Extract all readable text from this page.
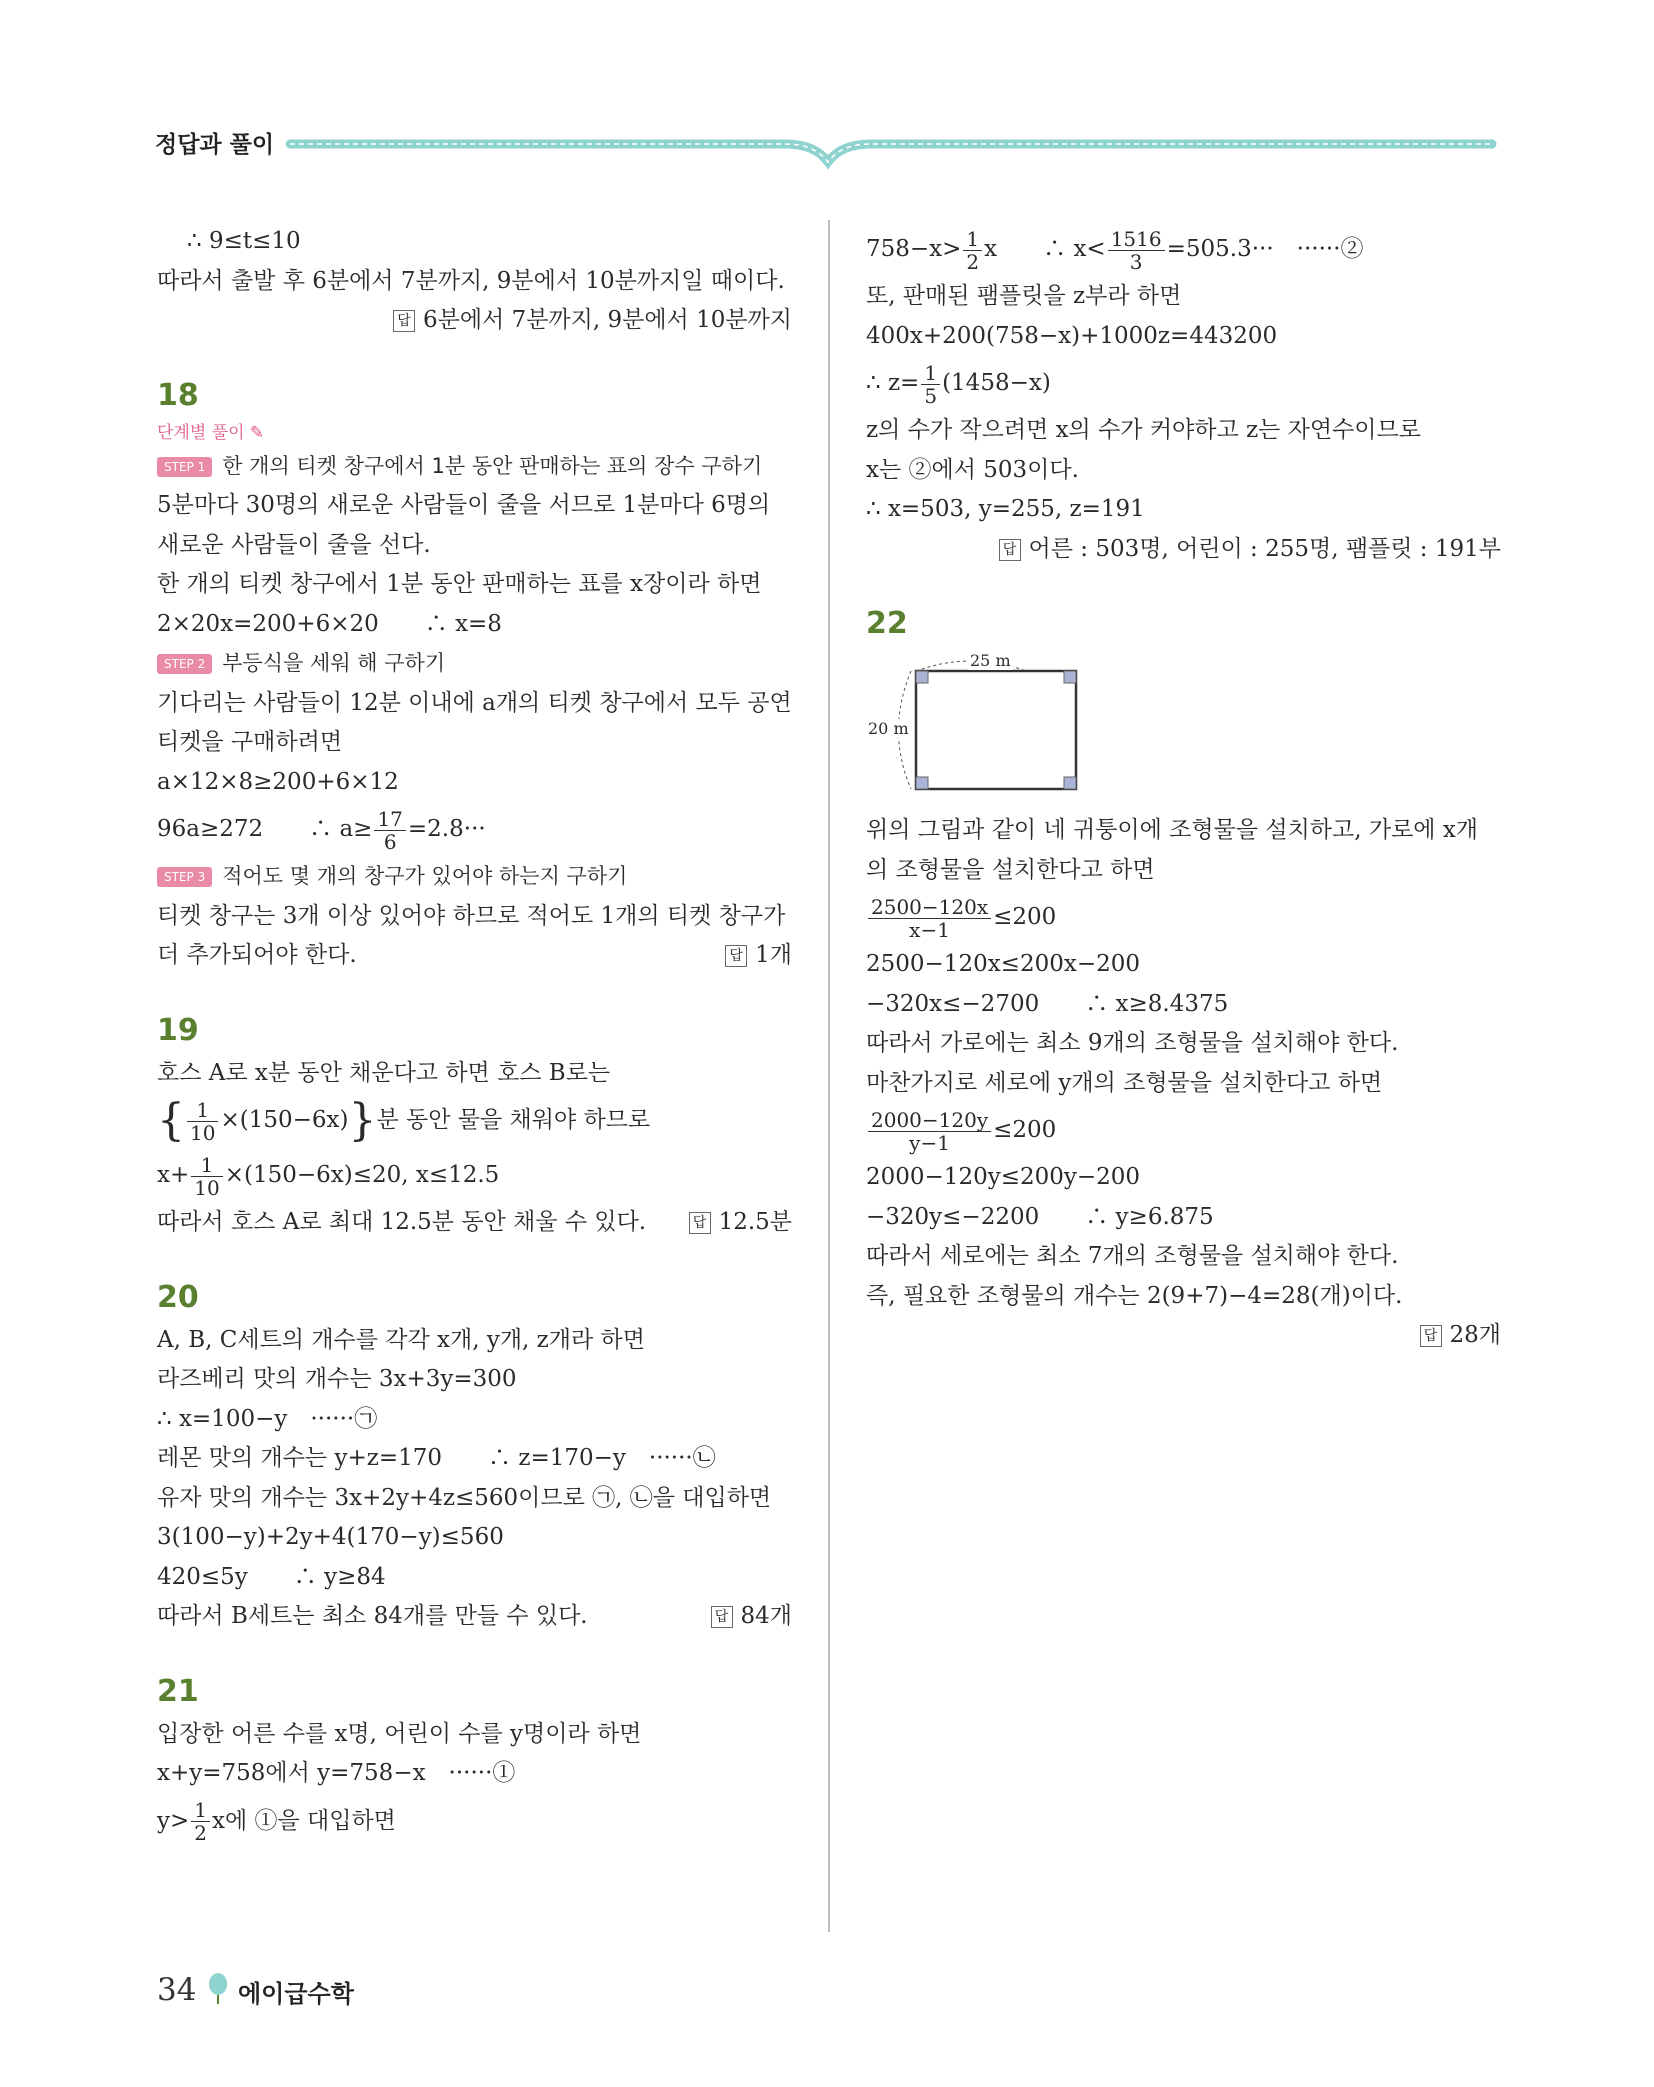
정답과 풀이
∴ 9≤t≤10
따라서 출발 후 6분에서 7분까지, 9분에서 10분까지일 때이다.
답 6분에서 7분까지, 9분에서 10분까지
18
단계별 풀이 ✎
STEP 1 한 개의 티켓 창구에서 1분 동안 판매하는 표의 장수 구하기
5분마다 30명의 새로운 사람들이 줄을 서므로 1분마다 6명의
새로운 사람들이 줄을 선다.
한 개의 티켓 창구에서 1분 동안 판매하는 표를 x장이라 하면
2×20x=200+6×20　　∴ x=8
STEP 2 부등식을 세워 해 구하기
기다리는 사람들이 12분 이내에 a개의 티켓 창구에서 모두 공연
티켓을 구매하려면
a×12×8≥200+6×12
96a≥272　　∴ $a\ge \frac{17}{6} =2.8\cdot\cdot\cdot$
STEP 3 적어도 몇 개의 창구가 있어야 하는지 구하기
티켓 창구는 3개 이상 있어야 하므로 적어도 1개의 티켓 창구가
더 추가되어야 한다.	답 1개
19
호스 A로 x분 동안 채운다고 하면 호스 B로는
{ $\frac{1}{10} \times(150-6x)$}분 동안 물을 채워야 하므로
$x+ \frac{1}{10} \times(150-6x)\le 20$, x≤12.5
따라서 호스 A로 최대 12.5분 동안 채울 수 있다.	답 12.5분
20
A, B, C세트의 개수를 각각 x개, y개, z개라 하면
라즈베리 맛의 개수는 3x+3y=300
∴ x=100−y　······㉠
레몬 맛의 개수는 y+z=170　　∴ z=170−y　······㉡
유자 맛의 개수는 3x+2y+4z≤560이므로 ㉠, ㉡을 대입하면
3(100−y)+2y+4(170−y)≤560
420≤5y　　∴ y≥84
따라서 B세트는 최소 84개를 만들 수 있다.	답 84개
21
입장한 어른 수를 x명, 어린이 수를 y명이라 하면
x+y=758에서 y=758−x　······①
$y> \frac{1}{2}$ x에 ①을 대입하면
$758-x> \frac{1}{2}$ x　　∴ $x< \frac{1516}{3} =505.3\cdot\cdot\cdot$　······②
또, 판매된 팸플릿을 z부라 하면
400x+200(758−x)+1000z=443200
∴ $z= \frac{1}{5} (1458-x)$
z의 수가 작으려면 x의 수가 커야하고 z는 자연수이므로
x는 ②에서 503이다.
∴ x=503, y=255, z=191
답 어른 : 503명, 어린이 : 255명, 팸플릿 : 191부
22
25 m
20 m
위의 그림과 같이 네 귀퉁이에 조형물을 설치하고, 가로에 x개
의 조형물을 설치한다고 하면
$\frac{2500-120x}{x-1} \le 200$
2500−120x≤200x−200
−320x≤−2700　　∴ x≥8.4375
따라서 가로에는 최소 9개의 조형물을 설치해야 한다.
마찬가지로 세로에 y개의 조형물을 설치한다고 하면
$\frac{2000-120y}{y-1} \le 200$
2000−120y≤200y−200
−320y≤−2200　　∴ y≥6.875
따라서 세로에는 최소 7개의 조형물을 설치해야 한다.
즉, 필요한 조형물의 개수는 2(9+7)−4=28(개)이다.
답 28개
34 에이급수학
